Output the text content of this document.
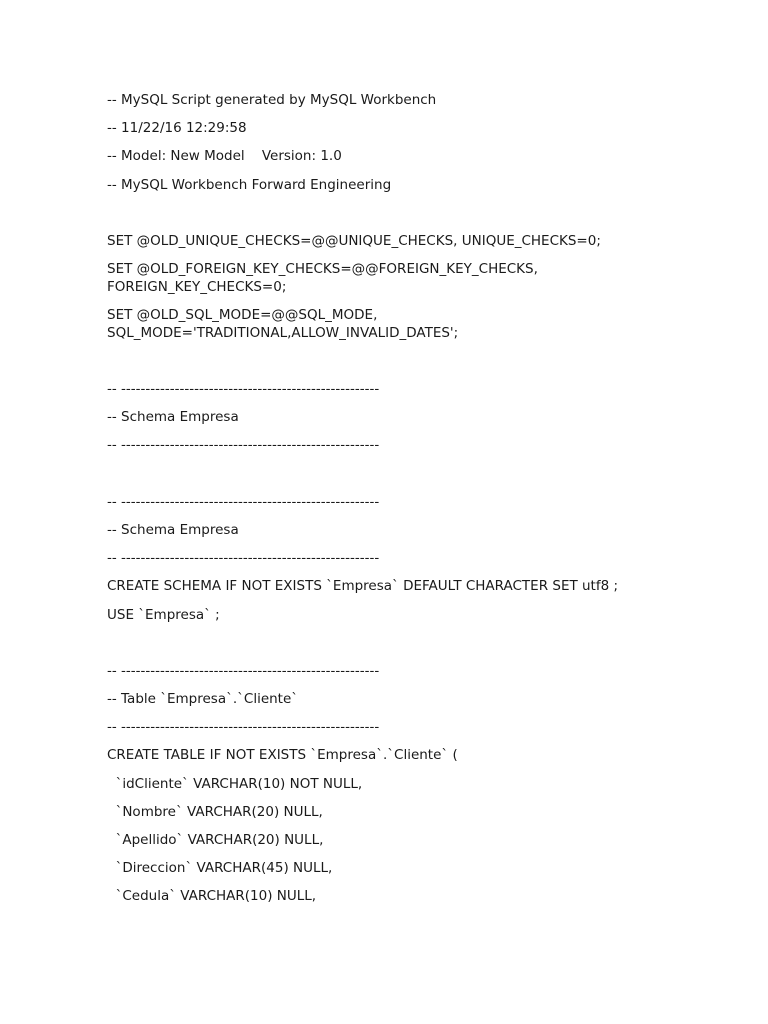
-- MySQL Script generated by MySQL Workbench
-- 11/22/16 12:29:58
-- Model: New Model    Version: 1.0
-- MySQL Workbench Forward Engineering
SET @OLD_UNIQUE_CHECKS=@@UNIQUE_CHECKS, UNIQUE_CHECKS=0;
SET @OLD_FOREIGN_KEY_CHECKS=@@FOREIGN_KEY_CHECKS,
FOREIGN_KEY_CHECKS=0;
SET @OLD_SQL_MODE=@@SQL_MODE,
SQL_MODE='TRADITIONAL,ALLOW_INVALID_DATES';
-- -----------------------------------------------------
-- Schema Empresa
-- -----------------------------------------------------
-- -----------------------------------------------------
-- Schema Empresa
-- -----------------------------------------------------
CREATE SCHEMA IF NOT EXISTS `Empresa` DEFAULT CHARACTER SET utf8 ;
USE `Empresa` ;
-- -----------------------------------------------------
-- Table `Empresa`.`Cliente`
-- -----------------------------------------------------
CREATE TABLE IF NOT EXISTS `Empresa`.`Cliente` (
`idCliente` VARCHAR(10) NOT NULL,
`Nombre` VARCHAR(20) NULL,
`Apellido` VARCHAR(20) NULL,
`Direccion` VARCHAR(45) NULL,
`Cedula` VARCHAR(10) NULL,
